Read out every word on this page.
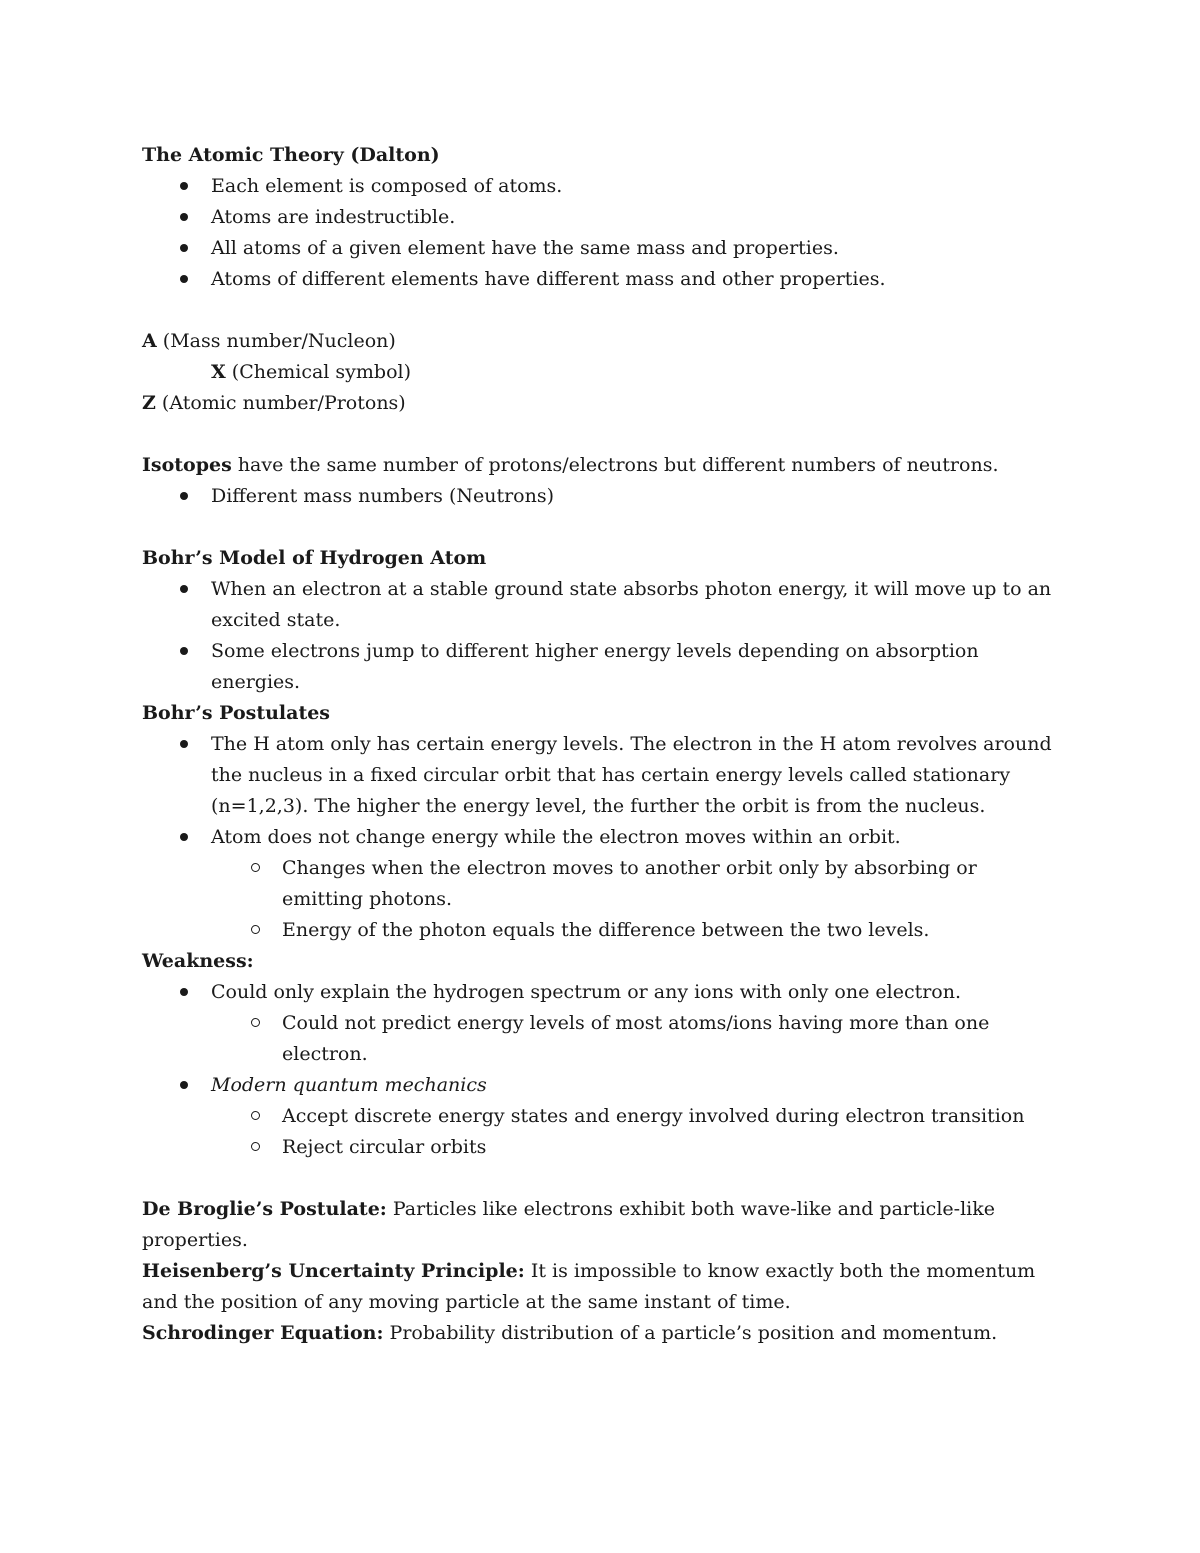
The Atomic Theory (Dalton)

Each element is composed of atoms.
Atoms are indestructible.
All atoms of a given element have the same mass and properties.
Atoms of different elements have different mass and other properties.

A (Mass number/Nucleon)

X (Chemical symbol)

Z (Atomic number/Protons)

Isotopes have the same number of protons/electrons but different numbers of neutrons.

Different mass numbers (Neutrons)

Bohr’s Model of Hydrogen Atom

When an electron at a stable ground state absorbs photon energy, it will move up to an excited state.
Some electrons jump to different higher energy levels depending on absorption energies.

Bohr’s Postulates

The H atom only has certain energy levels. The electron in the H atom revolves around the nucleus in a fixed circular orbit that has certain energy levels called stationary (n=1,2,3). The higher the energy level, the further the orbit is from the nucleus.
Atom does not change energy while the electron moves within an orbit.
Changes when the electron moves to another orbit only by absorbing or emitting photons.
Energy of the photon equals the difference between the two levels.

Weakness:

Could only explain the hydrogen spectrum or any ions with only one electron.
Could not predict energy levels of most atoms/ions having more than one electron.
Modern quantum mechanics
Accept discrete energy states and energy involved during electron transition
Reject circular orbits

De Broglie’s Postulate: Particles like electrons exhibit both wave-like and particle-like properties.

Heisenberg’s Uncertainty Principle: It is impossible to know exactly both the momentum and the position of any moving particle at the same instant of time.

Schrodinger Equation: Probability distribution of a particle’s position and momentum.
